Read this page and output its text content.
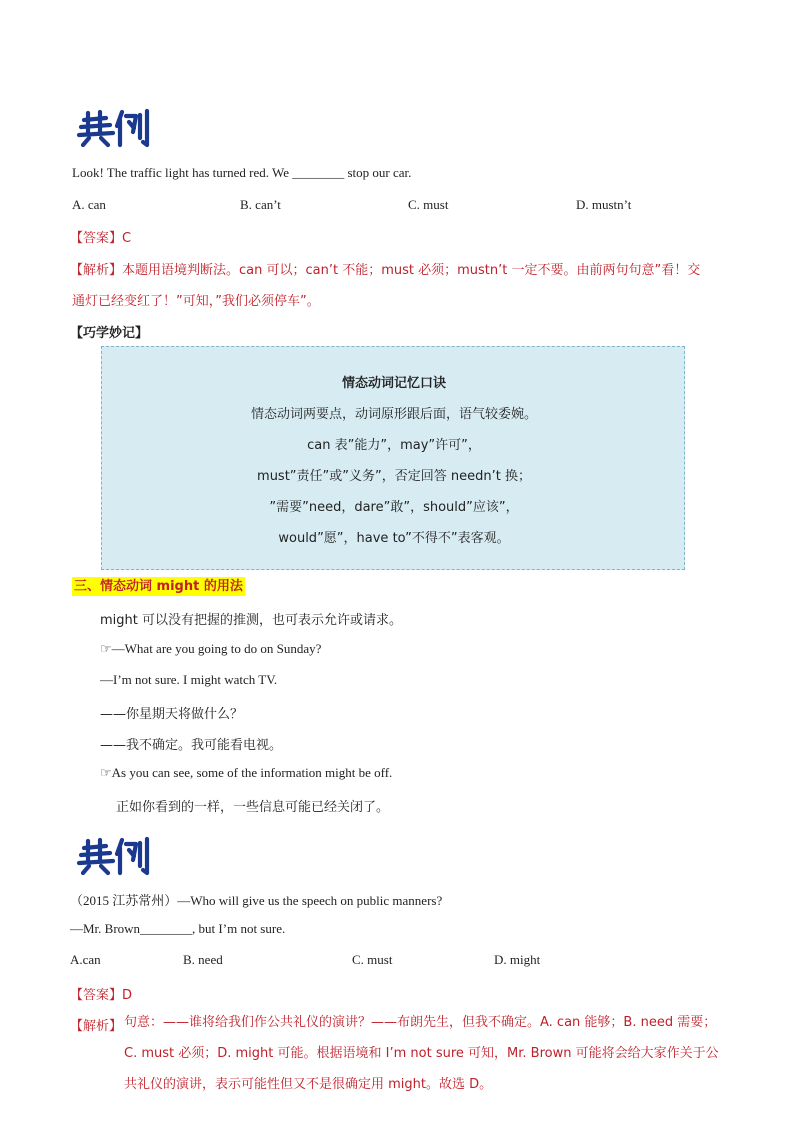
Look! The traffic light has turned red. We ________ stop our car.
A. can	B. can’t	C. must	D. mustn’t
【答案】C
【解析】本题用语境判断法。can 可以；can’t 不能；must 必须；mustn’t 一定不要。由前两句句意”看！交
通灯已经变红了！”可知，”我们必须停车”。
【巧学妙记】
情态动词记忆口诀
情态动词两要点，动词原形跟后面，语气较委婉。
can 表”能力”，may”许可”，
must”责任”或”义务”，否定回答 needn’t 换；
”需要”need，dare”敢”，should”应该”，
would”愿”，have to”不得不”表客观。
三、情态动词 might 的用法
might 可以没有把握的推测，也可表示允许或请求。
☞—What are you going to do on Sunday?
—I’m not sure. I might watch TV.
——你星期天将做什么？
——我不确定。我可能看电视。
☞As you can see, some of the information might be off.
正如你看到的一样，一些信息可能已经关闭了。
（2015 江苏常州）—Who will give us the speech on public manners?
—Mr. Brown________, but I’m not sure.
A.can	B. need	C. must	D. might
【答案】D
【解析】 句意：——谁将给我们作公共礼仪的演讲？——布朗先生，但我不确定。A. can 能够；B. need 需要；C. must 必须；D. might 可能。根据语境和 I’m not sure 可知，Mr. Brown 可能将会给大家作关于公共礼仪的演讲，表示可能性但又不是很确定用 might。故选 D。
